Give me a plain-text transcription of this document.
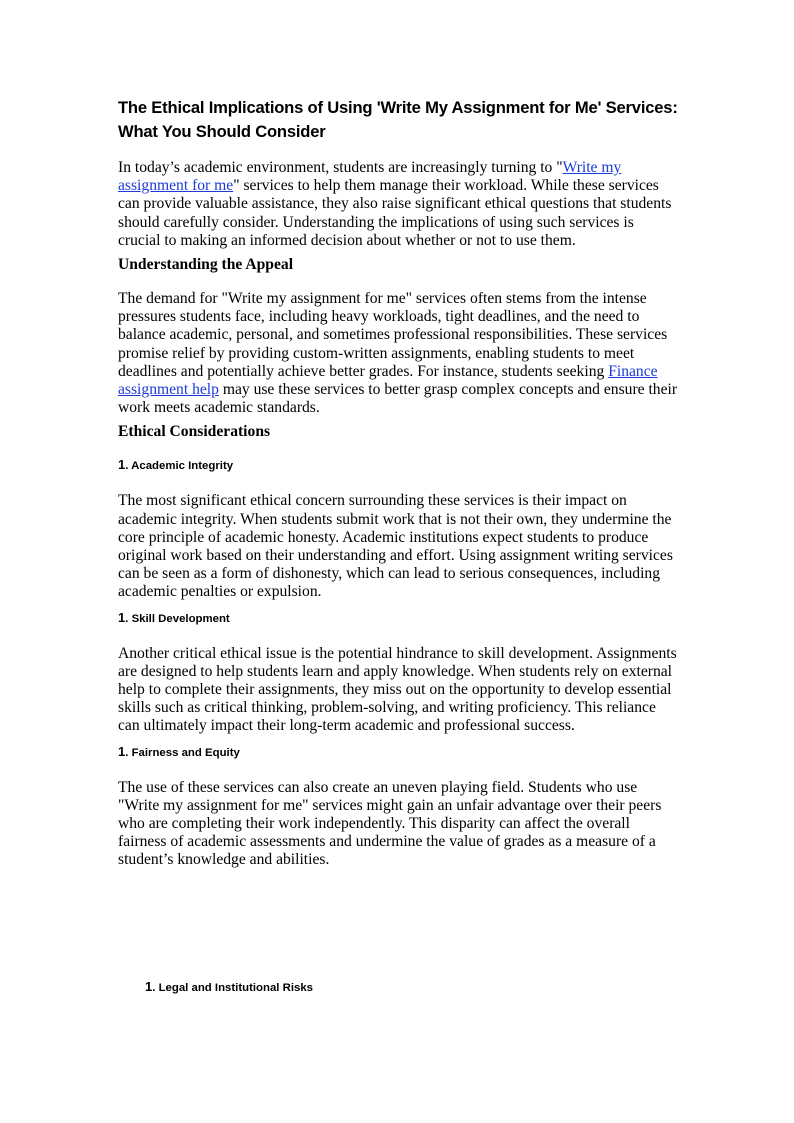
The Ethical Implications of Using 'Write My Assignment for Me' Services: What You Should Consider

In today’s academic environment, students are increasingly turning to "Write my assignment for me" services to help them manage their workload. While these services can provide valuable assistance, they also raise significant ethical questions that students should carefully consider. Understanding the implications of using such services is crucial to making an informed decision about whether or not to use them.

Understanding the Appeal

The demand for "Write my assignment for me" services often stems from the intense pressures students face, including heavy workloads, tight deadlines, and the need to balance academic, personal, and sometimes professional responsibilities. These services promise relief by providing custom-written assignments, enabling students to meet deadlines and potentially achieve better grades. For instance, students seeking Finance assignment help may use these services to better grasp complex concepts and ensure their work meets academic standards.

Ethical Considerations
1. Academic Integrity

The most significant ethical concern surrounding these services is their impact on academic integrity. When students submit work that is not their own, they undermine the core principle of academic honesty. Academic institutions expect students to produce original work based on their understanding and effort. Using assignment writing services can be seen as a form of dishonesty, which can lead to serious consequences, including academic penalties or expulsion.

1. Skill Development

Another critical ethical issue is the potential hindrance to skill development. Assignments are designed to help students learn and apply knowledge. When students rely on external help to complete their assignments, they miss out on the opportunity to develop essential skills such as critical thinking, problem-solving, and writing proficiency. This reliance can ultimately impact their long-term academic and professional success.

1. Fairness and Equity

The use of these services can also create an uneven playing field. Students who use "Write my assignment for me" services might gain an unfair advantage over their peers who are completing their work independently. This disparity can affect the overall fairness of academic assessments and undermine the value of grades as a measure of a student’s knowledge and abilities.

1. Legal and Institutional Risks
